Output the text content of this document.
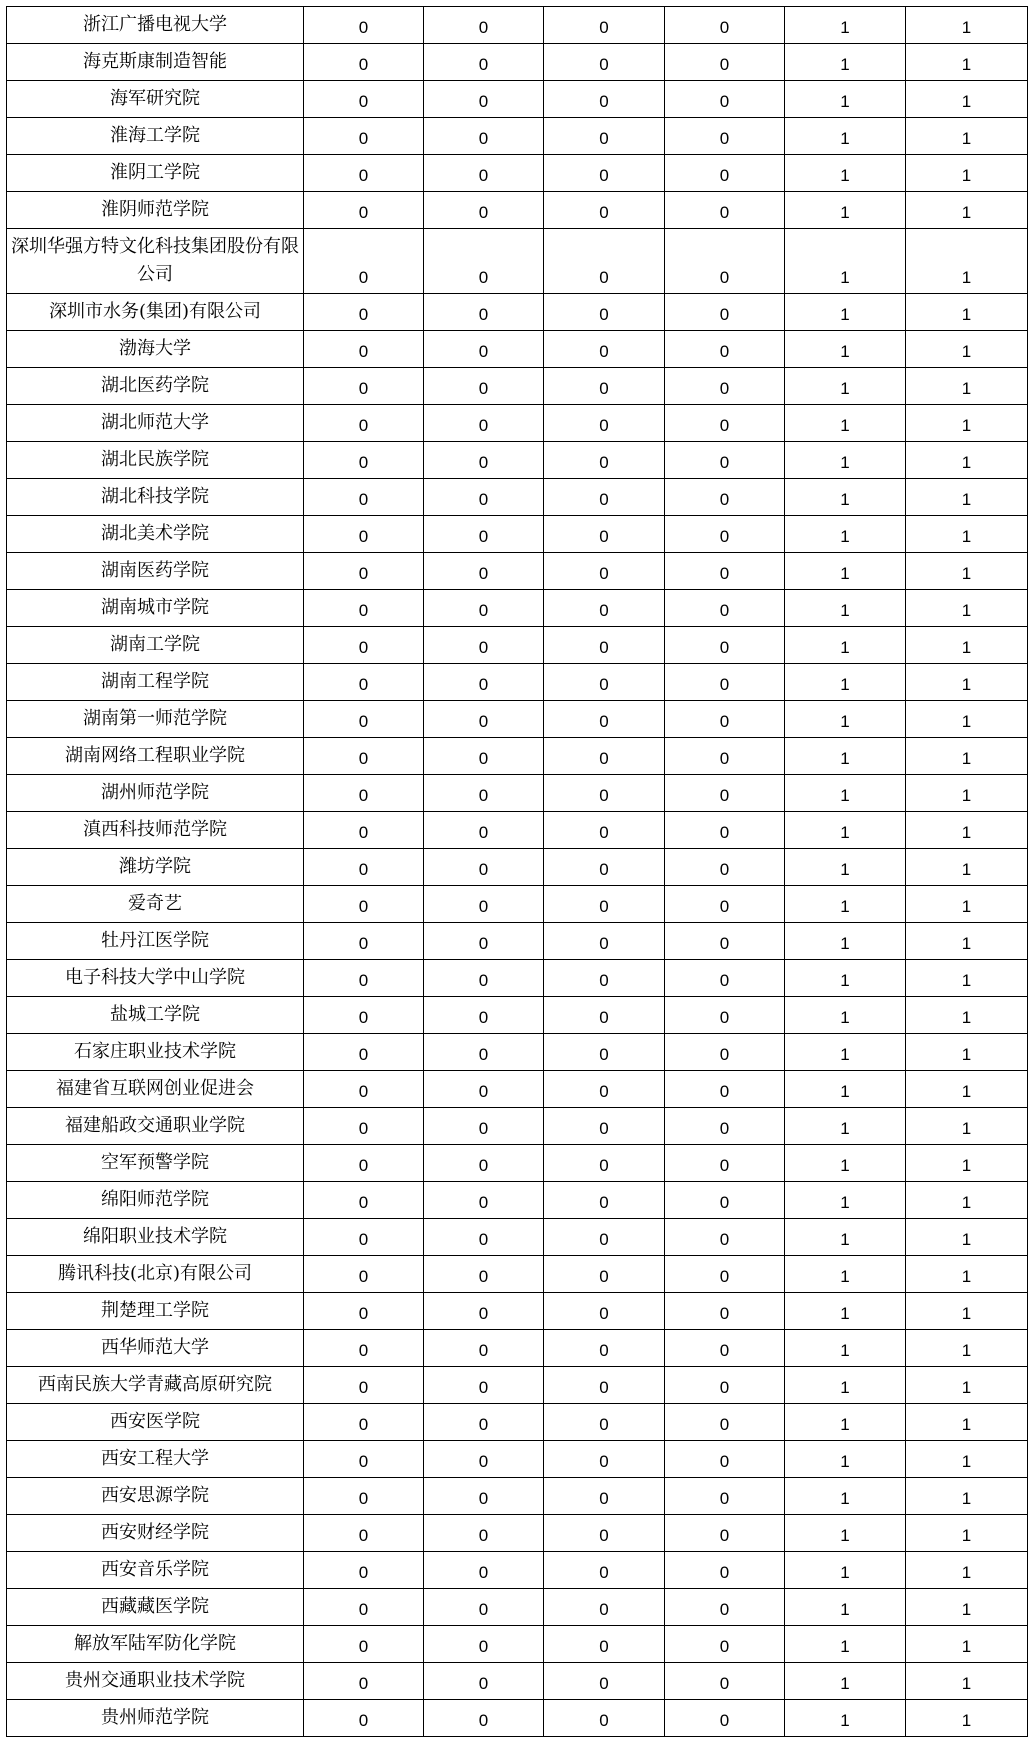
浙江广播电视大学	0	0	0	0	1	1
海克斯康制造智能	0	0	0	0	1	1
海军研究院	0	0	0	0	1	1
淮海工学院	0	0	0	0	1	1
淮阴工学院	0	0	0	0	1	1
淮阴师范学院	0	0	0	0	1	1
深圳华强方特文化科技集团股份有限公司	0	0	0	0	1	1
深圳市水务(集团)有限公司	0	0	0	0	1	1
渤海大学	0	0	0	0	1	1
湖北医药学院	0	0	0	0	1	1
湖北师范大学	0	0	0	0	1	1
湖北民族学院	0	0	0	0	1	1
湖北科技学院	0	0	0	0	1	1
湖北美术学院	0	0	0	0	1	1
湖南医药学院	0	0	0	0	1	1
湖南城市学院	0	0	0	0	1	1
湖南工学院	0	0	0	0	1	1
湖南工程学院	0	0	0	0	1	1
湖南第一师范学院	0	0	0	0	1	1
湖南网络工程职业学院	0	0	0	0	1	1
湖州师范学院	0	0	0	0	1	1
滇西科技师范学院	0	0	0	0	1	1
潍坊学院	0	0	0	0	1	1
爱奇艺	0	0	0	0	1	1
牡丹江医学院	0	0	0	0	1	1
电子科技大学中山学院	0	0	0	0	1	1
盐城工学院	0	0	0	0	1	1
石家庄职业技术学院	0	0	0	0	1	1
福建省互联网创业促进会	0	0	0	0	1	1
福建船政交通职业学院	0	0	0	0	1	1
空军预警学院	0	0	0	0	1	1
绵阳师范学院	0	0	0	0	1	1
绵阳职业技术学院	0	0	0	0	1	1
腾讯科技(北京)有限公司	0	0	0	0	1	1
荆楚理工学院	0	0	0	0	1	1
西华师范大学	0	0	0	0	1	1
西南民族大学青藏高原研究院	0	0	0	0	1	1
西安医学院	0	0	0	0	1	1
西安工程大学	0	0	0	0	1	1
西安思源学院	0	0	0	0	1	1
西安财经学院	0	0	0	0	1	1
西安音乐学院	0	0	0	0	1	1
西藏藏医学院	0	0	0	0	1	1
解放军陆军防化学院	0	0	0	0	1	1
贵州交通职业技术学院	0	0	0	0	1	1
贵州师范学院	0	0	0	0	1	1
